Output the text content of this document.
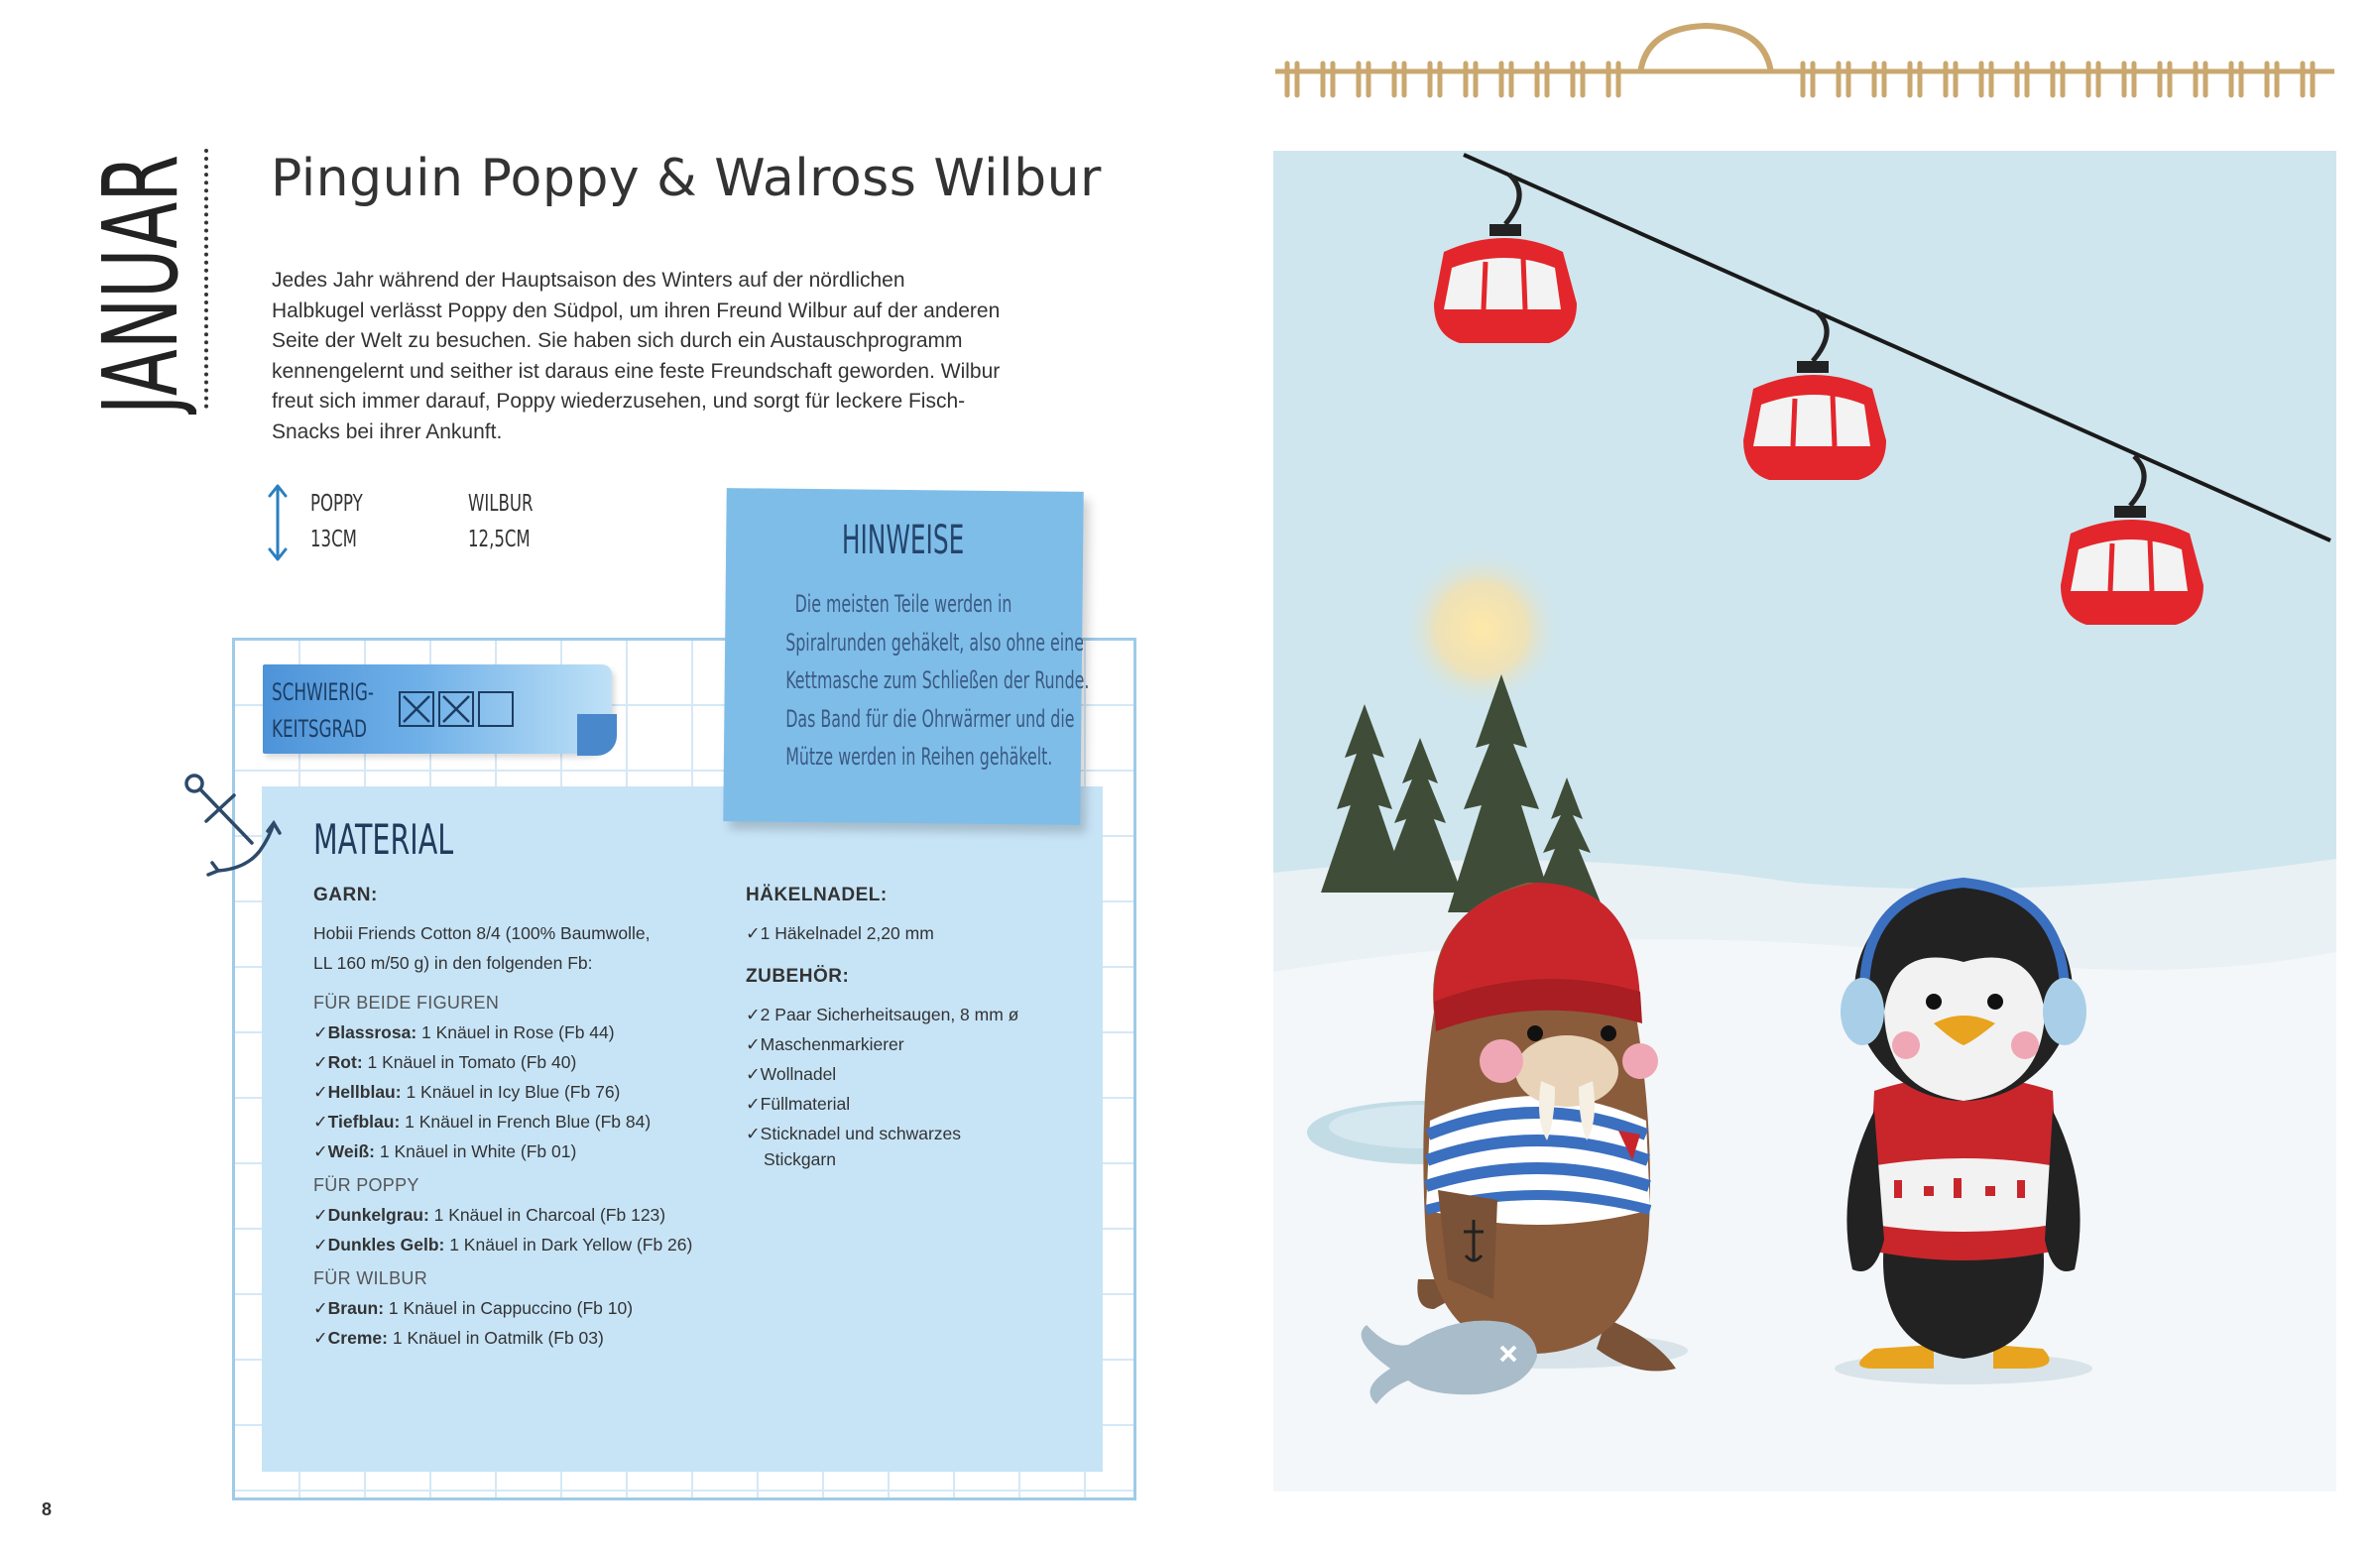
JANUAR Pinguin Poppy & Walross Wilbur
Jedes Jahr während der Hauptsaison des Winters auf der nördlichen
Halbkugel verlässt Poppy den Südpol, um ihren Freund Wilbur auf der anderen
Seite der Welt zu besuchen. Sie haben sich durch ein Austauschprogramm
kennengelernt und seither ist daraus eine feste Freundschaft geworden. Wilbur
freut sich immer darauf, Poppy wiederzusehen, und sorgt für leckere Fisch-
Snacks bei ihrer Ankunft.
POPPY
13CM
WILBUR
12,5CM
SCHWIERIG-
KEITSGRAD
MATERIAL
GARN:
Hobii Friends Cotton 8/4 (100% Baumwolle,
LL 160 m/50 g) in den folgenden Fb:
FÜR BEIDE FIGUREN
✓Blassrosa: 1 Knäuel in Rose (Fb 44)
✓Rot: 1 Knäuel in Tomato (Fb 40)
✓Hellblau: 1 Knäuel in Icy Blue (Fb 76)
✓Tiefblau: 1 Knäuel in French Blue (Fb 84)
✓Weiß: 1 Knäuel in White (Fb 01)
FÜR POPPY
✓Dunkelgrau: 1 Knäuel in Charcoal (Fb 123)
✓Dunkles Gelb: 1 Knäuel in Dark Yellow (Fb 26)
FÜR WILBUR
✓Braun: 1 Knäuel in Cappuccino (Fb 10)
✓Creme: 1 Knäuel in Oatmilk (Fb 03)
HÄKELNADEL:
✓1 Häkelnadel 2,20 mm
ZUBEHÖR:
✓2 Paar Sicherheitsaugen, 8 mm ø
✓Maschenmarkierer
✓Wollnadel
✓Füllmaterial
✓Sticknadel und schwarzes
Stickgarn
HINWEISE
Die meisten Teile werden in
Spiralrunden gehäkelt, also ohne eine
Kettmasche zum Schließen der Runde.
Das Band für die Ohrwärmer und die
Mütze werden in Reihen gehäkelt.
8
